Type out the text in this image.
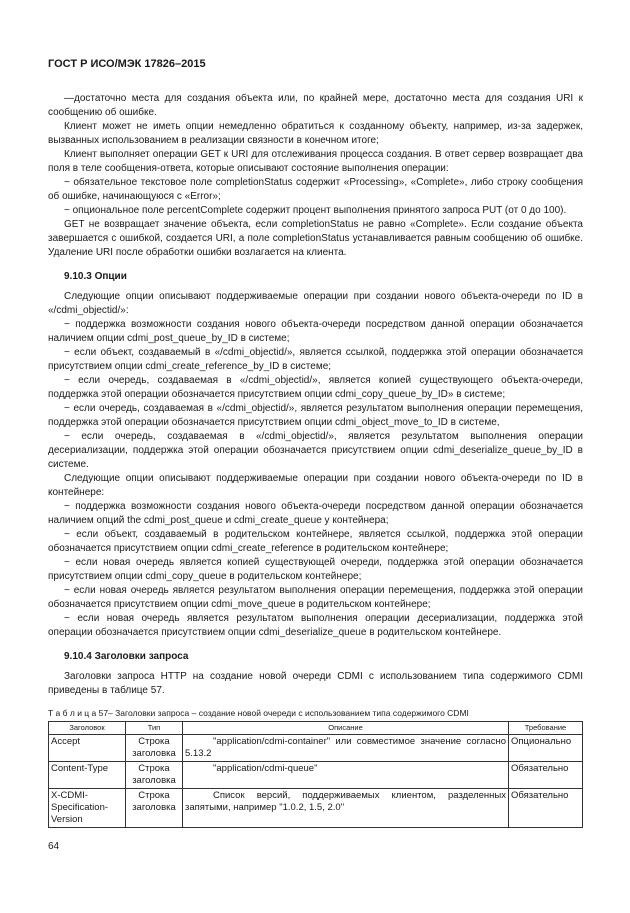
ГОСТ Р ИСО/МЭК 17826–2015

—достаточно места для создания объекта или, по крайней мере, достаточно места для создания URI к сообщению об ошибке.

Клиент может не иметь опции немедленно обратиться к созданному объекту, например, из-за задержек, вызванных использованием в реализации связности в конечном итоге;

Клиент выполняет операции GET к URI для отслеживания процесса создания. В ответ сервер возвращает два поля в теле сообщения-ответа, которые описывают состояние выполнения операции:

− обязательное текстовое поле completionStatus содержит «Processing», «Complete», либо строку сообщения об ошибке, начинающуюся с «Error»;

− опциональное поле percentComplete содержит процент выполнения принятого запроса PUT (от 0 до 100).

GET не возвращает значение объекта, если completionStatus не равно «Complete». Если создание объекта завершается с ошибкой, создается URI, а поле completionStatus устанавливается равным сообщению об ошибке. Удаление URI после обработки ошибки возлагается на клиента.

9.10.3 Опции

Следующие опции описывают поддерживаемые операции при создании нового объекта-очереди по ID в «/cdmi_objectid/»:

− поддержка возможности создания нового объекта-очереди посредством данной операции обозначается наличием опции cdmi_post_queue_by_ID в системе;

− если объект, создаваемый в «/cdmi_objectid/», является ссылкой, поддержка этой операции обозначается присутствием опции cdmi_create_reference_by_ID в системе;

− если очередь, создаваемая в «/cdmi_objectid/», является копией существующего объекта-очереди, поддержка этой операции обозначается присутствием опции cdmi_copy_queue_by_ID» в системе;

− если очередь, создаваемая в «/cdmi_objectid/», является результатом выполнения операции перемещения, поддержка этой операции обозначается присутствием опции cdmi_object_move_to_ID в системе,

− если очередь, создаваемая в «/cdmi_objectid/», является результатом выполнения операции десериализации, поддержка этой операции обозначается присутствием опции cdmi_deserialize_queue_by_ID в системе.

Следующие опции описывают поддерживаемые операции при создании нового объекта-очереди по ID в контейнере:

− поддержка возможности создания нового объекта-очереди посредством данной операции обозначается наличием опций the cdmi_post_queue и cdmi_create_queue у контейнера;

− если объект, создаваемый в родительском контейнере, является ссылкой, поддержка этой операции обозначается присутствием опции cdmi_create_reference в родительском контейнере;

− если новая очередь является копией существующей очереди, поддержка этой операции обозначается присутствием опции cdmi_copy_queue в родительском контейнере;

− если новая очередь является результатом выполнения операции перемещения, поддержка этой операции обозначается присутствием опции cdmi_move_queue в родительском контейнере;

− если новая очередь является результатом выполнения операции десериализации, поддержка этой операции обозначается присутствием опции cdmi_deserialize_queue в родительском контейнере.

9.10.4 Заголовки запроса

Заголовки запроса HTTP на создание новой очереди CDMI с использованием типа содержимого CDMI приведены в таблице 57.

Т а б л и ц а 57– Заголовки запроса – создание новой очереди с использованием типа содержимого CDMI

Заголовок	Тип	Описание	Требование
Accept	Строка заголовка	"application/cdmi-container" или совместимое значение согласно 5.13.2	Опционально
Content-Type	Строка заголовка	"application/cdmi-queue"	Обязательно
X-CDMI-Specification-Version	Строка заголовка	Список версий, поддерживаемых клиентом, разделенных запятыми, например "1.0.2, 1.5, 2.0"	Обязательно

64
